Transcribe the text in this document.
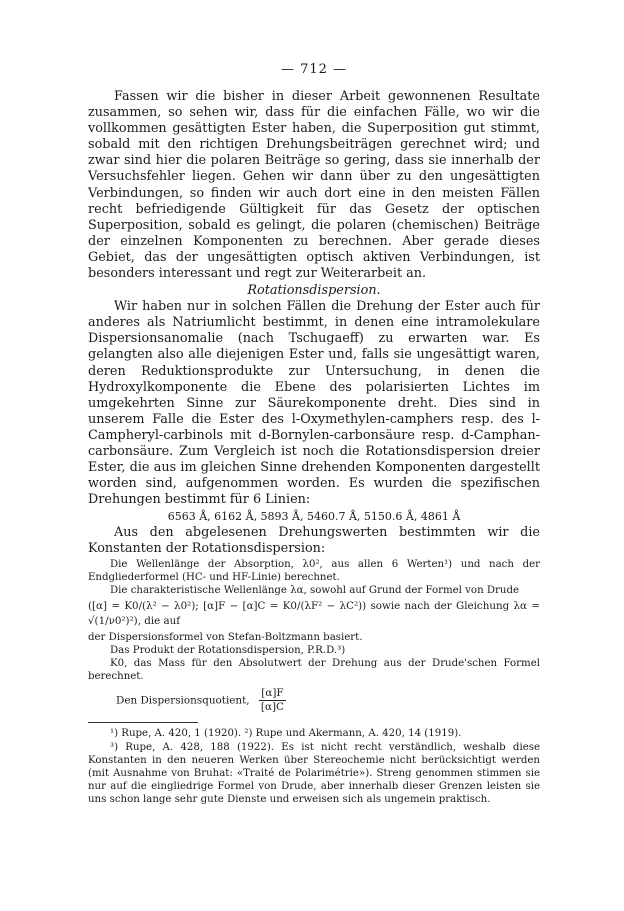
— 712 —

Fassen wir die bisher in dieser Arbeit gewonnenen Resultate zusammen, so sehen wir, dass für die einfachen Fälle, wo wir die vollkommen gesättigten Ester haben, die Superposition gut stimmt, sobald mit den richtigen Drehungsbeiträgen gerechnet wird; und zwar sind hier die polaren Beiträge so gering, dass sie innerhalb der Versuchsfehler liegen. Gehen wir dann über zu den ungesättigten Verbindungen, so finden wir auch dort eine in den meisten Fällen recht befriedigende Gültigkeit für das Gesetz der optischen Superposition, sobald es gelingt, die polaren (chemischen) Beiträge der einzelnen Komponenten zu berechnen. Aber gerade dieses Gebiet, das der ungesättigten optisch aktiven Verbindungen, ist besonders interessant und regt zur Weiterarbeit an.

Rotationsdispersion.

Wir haben nur in solchen Fällen die Drehung der Ester auch für anderes als Natriumlicht bestimmt, in denen eine intramolekulare Dispersionsanomalie (nach Tschugaeff) zu erwarten war. Es gelangten also alle diejenigen Ester und, falls sie ungesättigt waren, deren Reduktionsprodukte zur Untersuchung, in denen die Hydroxylkomponente die Ebene des polarisierten Lichtes im umgekehrten Sinne zur Säurekomponente dreht. Dies sind in unserem Falle die Ester des l-Oxymethylen-camphers resp. des l-Campheryl-carbinols mit d-Bornylen-carbonsäure resp. d-Camphan-carbonsäure. Zum Vergleich ist noch die Rotationsdispersion dreier Ester, die aus im gleichen Sinne drehenden Komponenten dargestellt worden sind, aufgenommen worden. Es wurden die spezifischen Drehungen bestimmt für 6 Linien:

6563 Å, 6162 Å, 5893 Å, 5460.7 Å, 5150.6 Å, 4861 Å

Aus den abgelesenen Drehungswerten bestimmten wir die Konstanten der Rotationsdispersion:

Die Wellenlänge der Absorption, λ0², aus allen 6 Werten¹) und nach der Endgliederformel (HC- und HF-Linie) berechnet.

Die charakteristische Wellenlänge λα, sowohl auf Grund der Formel von Drude

([α] = K0/(λ² − λ0²); [α]F − [α]C = K0/(λF² − λC²)) sowie nach der Gleichung λα = √(1/ν0²)²), die auf

der Dispersionsformel von Stefan-Boltzmann basiert.

Das Produkt der Rotationsdispersion, P.R.D.³)

K0, das Mass für den Absolutwert der Drehung aus der Drude'schen Formel berechnet.

Den Dispersionsquotient, $\frac{[\alpha]F}{[\alpha]C}$

¹) Rupe, A. 420, 1 (1920). ²) Rupe und Akermann, A. 420, 14 (1919).

³) Rupe, A. 428, 188 (1922). Es ist nicht recht verständlich, weshalb diese Konstanten in den neueren Werken über Stereochemie nicht berücksichtigt werden (mit Ausnahme von Bruhat: «Traité de Polarimétrie»). Streng genommen stimmen sie nur auf die eingliedrige Formel von Drude, aber innerhalb dieser Grenzen leisten sie uns schon lange sehr gute Dienste und erweisen sich als ungemein praktisch.
